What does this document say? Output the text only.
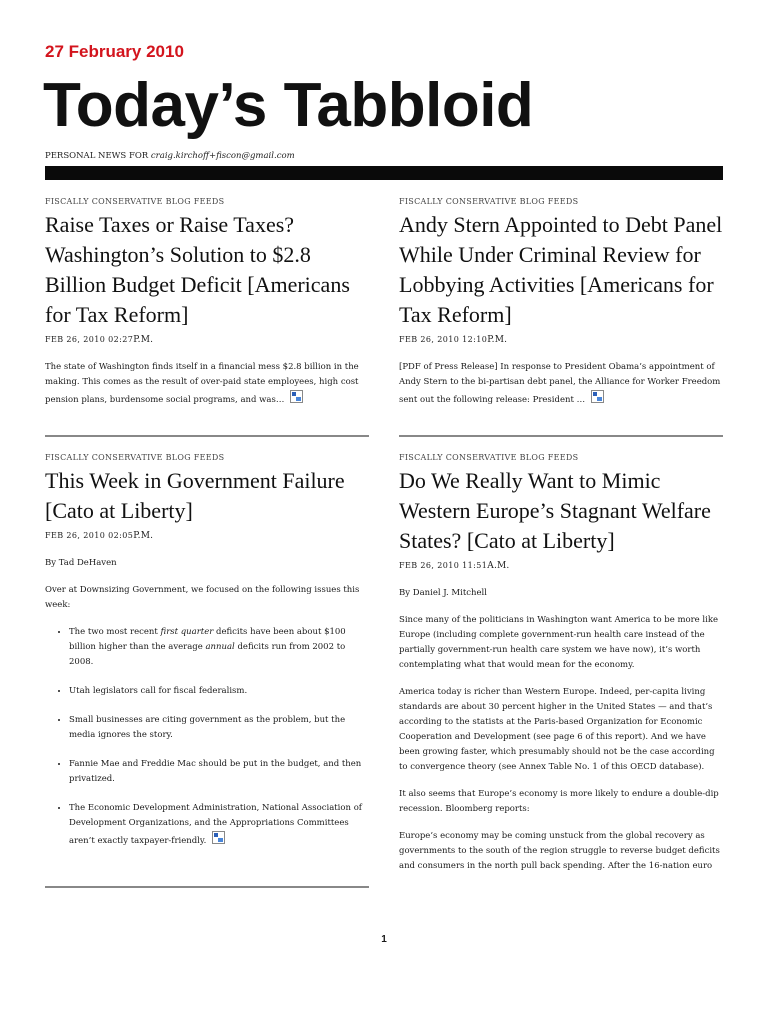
27 February 2010
Today’s Tabbloid
PERSONAL NEWS FOR craig.kirchoff+fiscon@gmail.com
FISCALLY CONSERVATIVE BLOG FEEDS
Raise Taxes or Raise Taxes? Washington’s Solution to $2.8 Billion Budget Deficit [Americans for Tax Reform]
FEB 26, 2010 02:27P.M.

The state of Washington finds itself in a financial mess $2.8 billion in the making. This comes as the result of over-paid state employees, high cost pension plans, burdensome social programs, and was…

FISCALLY CONSERVATIVE BLOG FEEDS
Andy Stern Appointed to Debt Panel While Under Criminal Review for Lobbying Activities [Americans for Tax Reform]
FEB 26, 2010 12:10P.M.

[PDF of Press Release] In response to President Obama’s appointment of Andy Stern to the bi-partisan debt panel, the Alliance for Worker Freedom sent out the following release: President …

FISCALLY CONSERVATIVE BLOG FEEDS
This Week in Government Failure [Cato at Liberty]
FEB 26, 2010 02:05P.M.

By Tad DeHaven

Over at Downsizing Government, we focused on the following issues this week:

• The two most recent first quarter deficits have been about $100 billion higher than the average annual deficits run from 2002 to 2008.
• Utah legislators call for fiscal federalism.
• Small businesses are citing government as the problem, but the media ignores the story.
• Fannie Mae and Freddie Mac should be put in the budget, and then privatized.
• The Economic Development Administration, National Association of Development Organizations, and the Appropriations Committees aren’t exactly taxpayer-friendly.
FISCALLY CONSERVATIVE BLOG FEEDS
Do We Really Want to Mimic Western Europe’s Stagnant Welfare States? [Cato at Liberty]
FEB 26, 2010 11:51A.M.

By Daniel J. Mitchell

Since many of the politicians in Washington want America to be more like Europe (including complete government-run health care instead of the partially government-run health care system we have now), it’s worth contemplating what that would mean for the economy.

America today is richer than Western Europe. Indeed, per-capita living standards are about 30 percent higher in the United States — and that’s according to the statists at the Paris-based Organization for Economic Cooperation and Development (see page 6 of this report). And we have been growing faster, which presumably should not be the case according to convergence theory (see Annex Table No. 1 of this OECD database).

It also seems that Europe’s economy is more likely to endure a double-dip recession. Bloomberg reports:

Europe’s economy may be coming unstuck from the global recovery as governments to the south of the region struggle to reverse budget deficits and consumers in the north pull back spending. After the 16-nation euro

1
